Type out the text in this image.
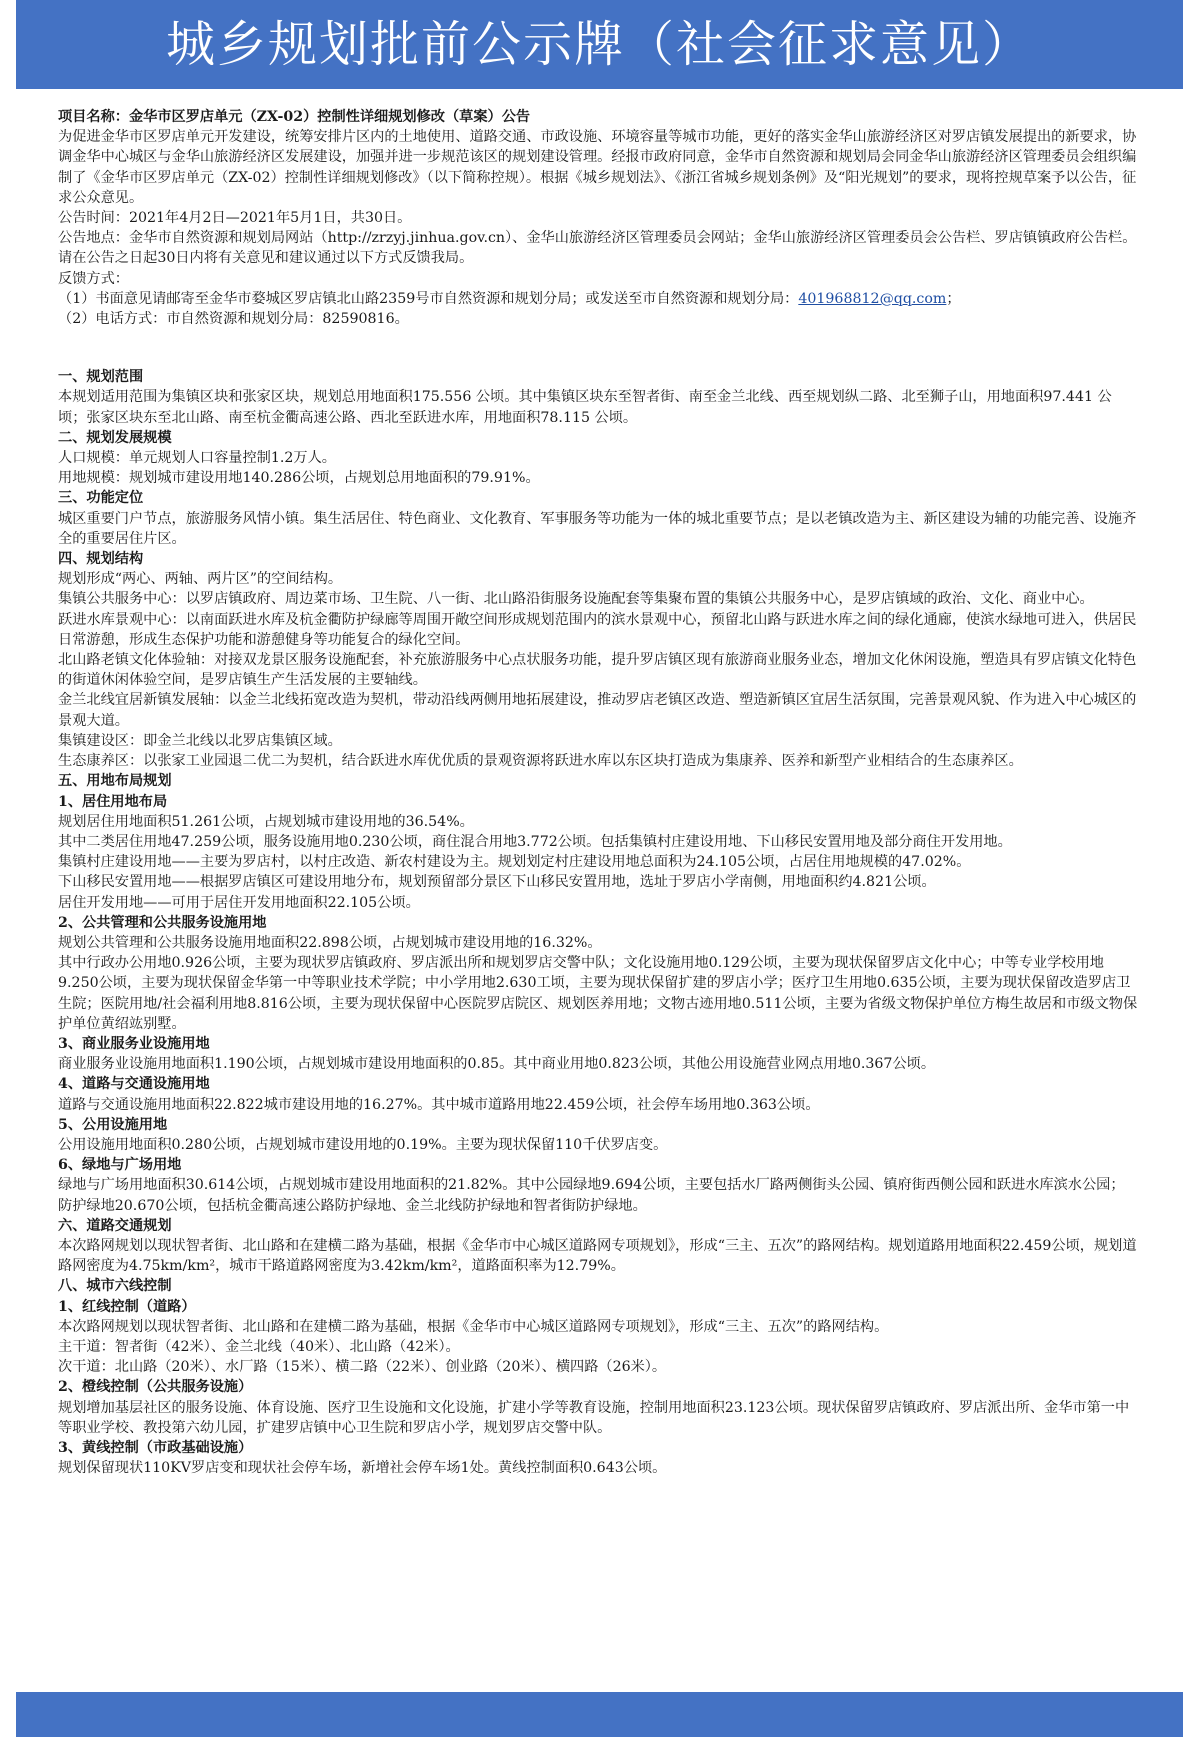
城乡规划批前公示牌（社会征求意见）

项目名称：金华市区罗店单元（ZX-02）控制性详细规划修改（草案）公告

为促进金华市区罗店单元开发建设，统筹安排片区内的土地使用、道路交通、市政设施、环境容量等城市功能，更好的落实金华山旅游经济区对罗店镇发展提出的新要求，协调金华中心城区与金华山旅游经济区发展建设，加强并进一步规范该区的规划建设管理。经报市政府同意，金华市自然资源和规划局会同金华山旅游经济区管理委员会组织编制了《金华市区罗店单元（ZX-02）控制性详细规划修改》（以下简称控规）。根据《城乡规划法》、《浙江省城乡规划条例》及“阳光规划”的要求，现将控规草案予以公告，征求公众意见。

公告时间：2021年4月2日—2021年5月1日，共30日。

公告地点：金华市自然资源和规划局网站（http://zrzyj.jinhua.gov.cn）、金华山旅游经济区管理委员会网站；金华山旅游经济区管理委员会公告栏、罗店镇镇政府公告栏。

请在公告之日起30日内将有关意见和建议通过以下方式反馈我局。

反馈方式：

（1）书面意见请邮寄至金华市婺城区罗店镇北山路2359号市自然资源和规划分局；或发送至市自然资源和规划分局：401968812@qq.com；

（2）电话方式：市自然资源和规划分局：82590816。

一、规划范围

本规划适用范围为集镇区块和张家区块，规划总用地面积175.556 公顷。其中集镇区块东至智者街、南至金兰北线、西至规划纵二路、北至狮子山，用地面积97.441 公顷；张家区块东至北山路、南至杭金衢高速公路、西北至跃进水库，用地面积78.115 公顷。

二、规划发展规模

人口规模：单元规划人口容量控制1.2万人。

用地规模：规划城市建设用地140.286公顷，占规划总用地面积的79.91%。

三、功能定位

城区重要门户节点，旅游服务风情小镇。集生活居住、特色商业、文化教育、军事服务等功能为一体的城北重要节点；是以老镇改造为主、新区建设为辅的功能完善、设施齐全的重要居住片区。

四、规划结构

规划形成“两心、两轴、两片区”的空间结构。

集镇公共服务中心：以罗店镇政府、周边菜市场、卫生院、八一街、北山路沿街服务设施配套等集聚布置的集镇公共服务中心，是罗店镇域的政治、文化、商业中心。

跃进水库景观中心：以南面跃进水库及杭金衢防护绿廊等周围开敞空间形成规划范围内的滨水景观中心，预留北山路与跃进水库之间的绿化通廊，使滨水绿地可进入，供居民日常游憩，形成生态保护功能和游憩健身等功能复合的绿化空间。

北山路老镇文化体验轴：对接双龙景区服务设施配套，补充旅游服务中心点状服务功能，提升罗店镇区现有旅游商业服务业态，增加文化休闲设施，塑造具有罗店镇文化特色的街道休闲体验空间，是罗店镇生产生活发展的主要轴线。

金兰北线宜居新镇发展轴：以金兰北线拓宽改造为契机，带动沿线两侧用地拓展建设，推动罗店老镇区改造、塑造新镇区宜居生活氛围，完善景观风貌、作为进入中心城区的景观大道。

集镇建设区：即金兰北线以北罗店集镇区域。

生态康养区：以张家工业园退二优二为契机，结合跃进水库优优质的景观资源将跃进水库以东区块打造成为集康养、医养和新型产业相结合的生态康养区。

五、用地布局规划

1、居住用地布局

规划居住用地面积51.261公顷，占规划城市建设用地的36.54%。

其中二类居住用地47.259公顷，服务设施用地0.230公顷，商住混合用地3.772公顷。包括集镇村庄建设用地、下山移民安置用地及部分商住开发用地。

集镇村庄建设用地——主要为罗店村，以村庄改造、新农村建设为主。规划划定村庄建设用地总面积为24.105公顷，占居住用地规模的47.02%。

下山移民安置用地——根据罗店镇区可建设用地分布，规划预留部分景区下山移民安置用地，选址于罗店小学南侧，用地面积约4.821公顷。

居住开发用地——可用于居住开发用地面积22.105公顷。

2、公共管理和公共服务设施用地

规划公共管理和公共服务设施用地面积22.898公顷，占规划城市建设用地的16.32%。

其中行政办公用地0.926公顷，主要为现状罗店镇政府、罗店派出所和规划罗店交警中队；文化设施用地0.129公顷，主要为现状保留罗店文化中心；中等专业学校用地9.250公顷，主要为现状保留金华第一中等职业技术学院；中小学用地2.630工顷，主要为现状保留扩建的罗店小学；医疗卫生用地0.635公顷，主要为现状保留改造罗店卫生院；医院用地/社会福利用地8.816公顷，主要为现状保留中心医院罗店院区、规划医养用地；文物古迹用地0.511公顷，主要为省级文物保护单位方梅生故居和市级文物保护单位黄绍竑别墅。

3、商业服务业设施用地

商业服务业设施用地面积1.190公顷，占规划城市建设用地面积的0.85。其中商业用地0.823公顷，其他公用设施营业网点用地0.367公顷。

4、道路与交通设施用地

道路与交通设施用地面积22.822城市建设用地的16.27%。其中城市道路用地22.459公顷，社会停车场用地0.363公顷。

5、公用设施用地

公用设施用地面积0.280公顷，占规划城市建设用地的0.19%。主要为现状保留110千伏罗店变。

6、绿地与广场用地

绿地与广场用地面积30.614公顷，占规划城市建设用地面积的21.82%。其中公园绿地9.694公顷，主要包括水厂路两侧街头公园、镇府街西侧公园和跃进水库滨水公园；防护绿地20.670公顷，包括杭金衢高速公路防护绿地、金兰北线防护绿地和智者街防护绿地。

六、道路交通规划

本次路网规划以现状智者街、北山路和在建横二路为基础，根据《金华市中心城区道路网专项规划》，形成“三主、五次”的路网结构。规划道路用地面积22.459公顷，规划道路网密度为4.75km/km²，城市干路道路网密度为3.42km/km²，道路面积率为12.79%。

八、城市六线控制

1、红线控制（道路）

本次路网规划以现状智者街、北山路和在建横二路为基础，根据《金华市中心城区道路网专项规划》，形成“三主、五次”的路网结构。

主干道：智者街（42米）、金兰北线（40米）、北山路（42米）。

次干道：北山路（20米）、水厂路（15米）、横二路（22米）、创业路（20米）、横四路（26米）。

2、橙线控制（公共服务设施）

规划增加基层社区的服务设施、体育设施、医疗卫生设施和文化设施，扩建小学等教育设施，控制用地面积23.123公顷。现状保留罗店镇政府、罗店派出所、金华市第一中等职业学校、教投第六幼儿园，扩建罗店镇中心卫生院和罗店小学，规划罗店交警中队。

3、黄线控制（市政基础设施）

规划保留现状110KV罗店变和现状社会停车场，新增社会停车场1处。黄线控制面积0.643公顷。
